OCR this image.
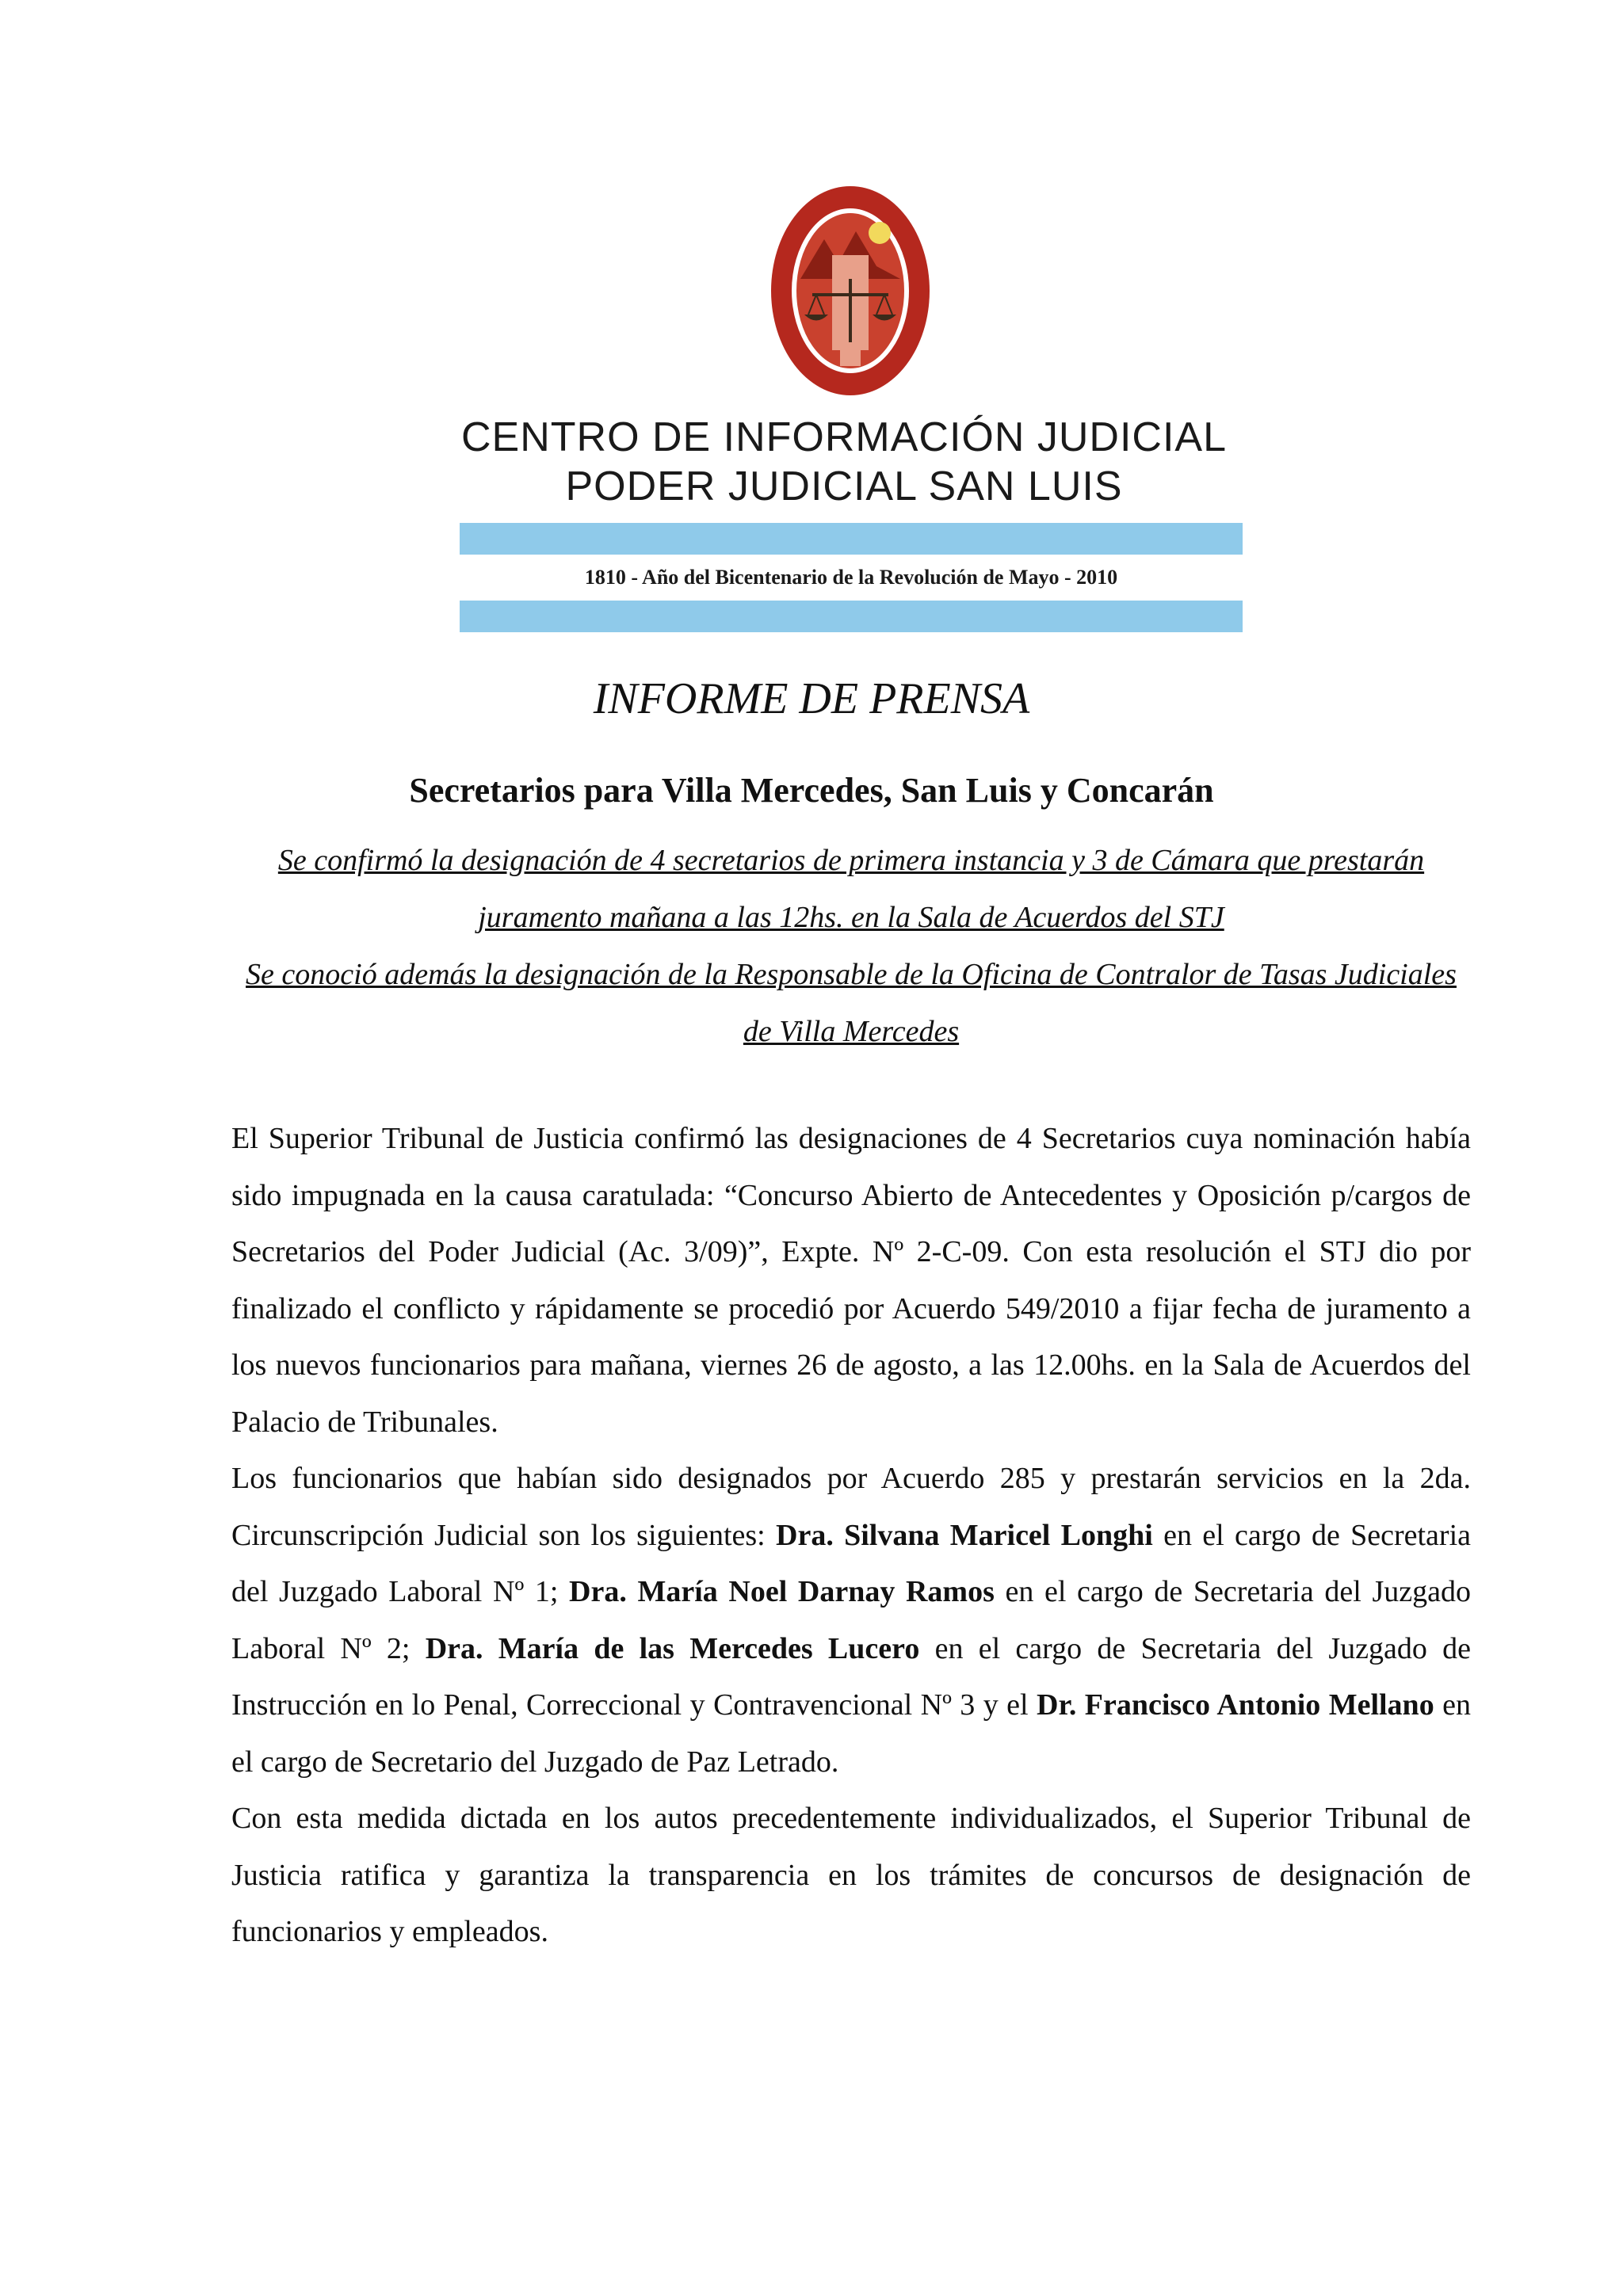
CENTRO DE INFORMACIÓN JUDICIAL
PODER JUDICIAL SAN LUIS
1810 - Año del Bicentenario de la Revolución de Mayo - 2010
INFORME DE PRENSA
Secretarios para Villa Mercedes, San Luis y Concarán

Se confirmó la designación de 4 secretarios de primera instancia y 3 de Cámara que prestarán juramento mañana a las 12hs. en la Sala de Acuerdos del STJ

Se conoció además la designación de la Responsable de la Oficina de Contralor de Tasas Judiciales de Villa Mercedes

El Superior Tribunal de Justicia confirmó las designaciones de 4 Secretarios cuya nominación había sido impugnada en la causa caratulada: “Concurso Abierto de Antecedentes y Oposición p/cargos de Secretarios del Poder Judicial (Ac. 3/09)”, Expte. Nº 2-C-09. Con esta resolución el STJ dio por finalizado el conflicto y rápidamente se procedió por Acuerdo 549/2010 a fijar fecha de juramento a los nuevos funcionarios para mañana, viernes 26 de agosto, a las 12.00hs. en la Sala de Acuerdos del Palacio de Tribunales.

Los funcionarios que habían sido designados por Acuerdo 285 y prestarán servicios en la 2da. Circunscripción Judicial son los siguientes: Dra. Silvana Maricel Longhi en el cargo de Secretaria del Juzgado Laboral Nº 1; Dra. María Noel Darnay Ramos en el cargo de Secretaria del Juzgado Laboral Nº 2; Dra. María de las Mercedes Lucero en el cargo de Secretaria del Juzgado de Instrucción en lo Penal, Correccional y Contravencional Nº 3 y el Dr. Francisco Antonio Mellano en el cargo de Secretario del Juzgado de Paz Letrado.

Con esta medida dictada en los autos precedentemente individualizados, el Superior Tribunal de Justicia ratifica y garantiza la transparencia en los trámites de concursos de designación de funcionarios y empleados.
